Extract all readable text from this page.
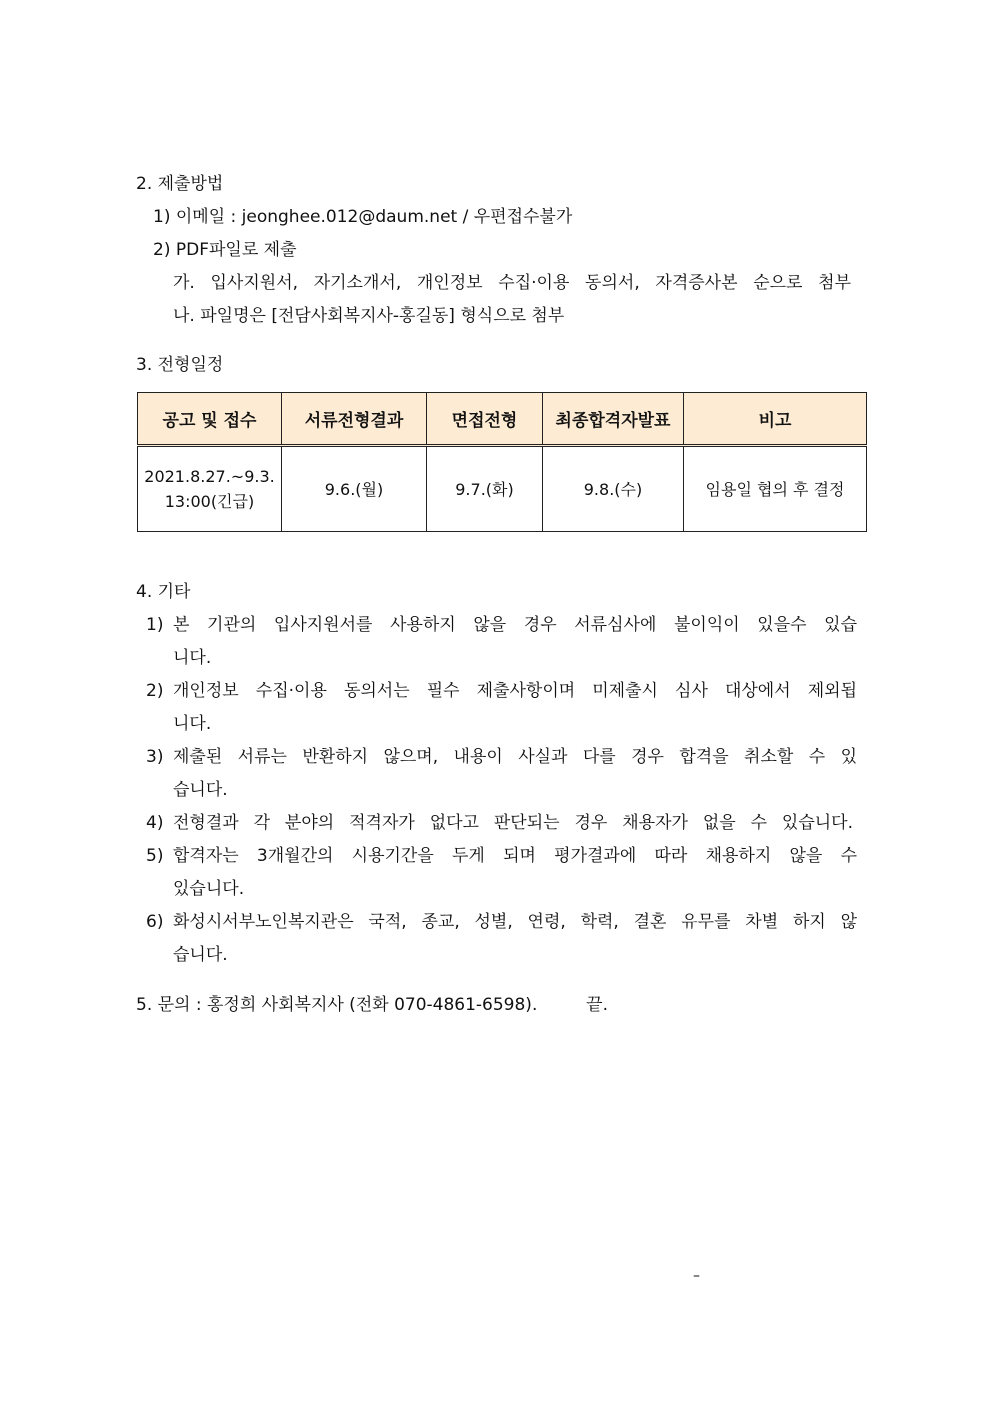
2. 제출방법
1) 이메일 : jeonghee.012@daum.net / 우편접수불가
2) PDF파일로 제출
가. 입사지원서, 자기소개서, 개인정보 수집·이용 동의서, 자격증사본 순으로 첨부
나. 파일명은 [전담사회복지사-홍길동] 형식으로 첨부
3. 전형일정
공고 및 접수	서류전형결과	면접전형	최종합격자발표	비고

2021.8.27.~9.3.
13:00(긴급)	9.6.(월)	9.7.(화)	9.8.(수)	임용일 협의 후 결정
4. 기타
1) 본 기관의 입사지원서를 사용하지 않을 경우 서류심사에 불이익이 있을수 있습
니다.
2) 개인정보 수집·이용 동의서는 필수 제출사항이며 미제출시 심사 대상에서 제외됩
니다.
3) 제출된 서류는 반환하지 않으며, 내용이 사실과 다를 경우 합격을 취소할 수 있
습니다.
4) 전형결과 각 분야의 적격자가 없다고 판단되는 경우 채용자가 없을 수 있습니다.
5) 합격자는 3개월간의 시용기간을 두게 되며 평가결과에 따라 채용하지 않을 수
있습니다.
6) 화성시서부노인복지관은 국적, 종교, 성별, 연령, 학력, 결혼 유무를 차별 하지 않
습니다.
5. 문의 : 홍정희 사회복지사 (전화 070-4861-6598).	끝.
–
